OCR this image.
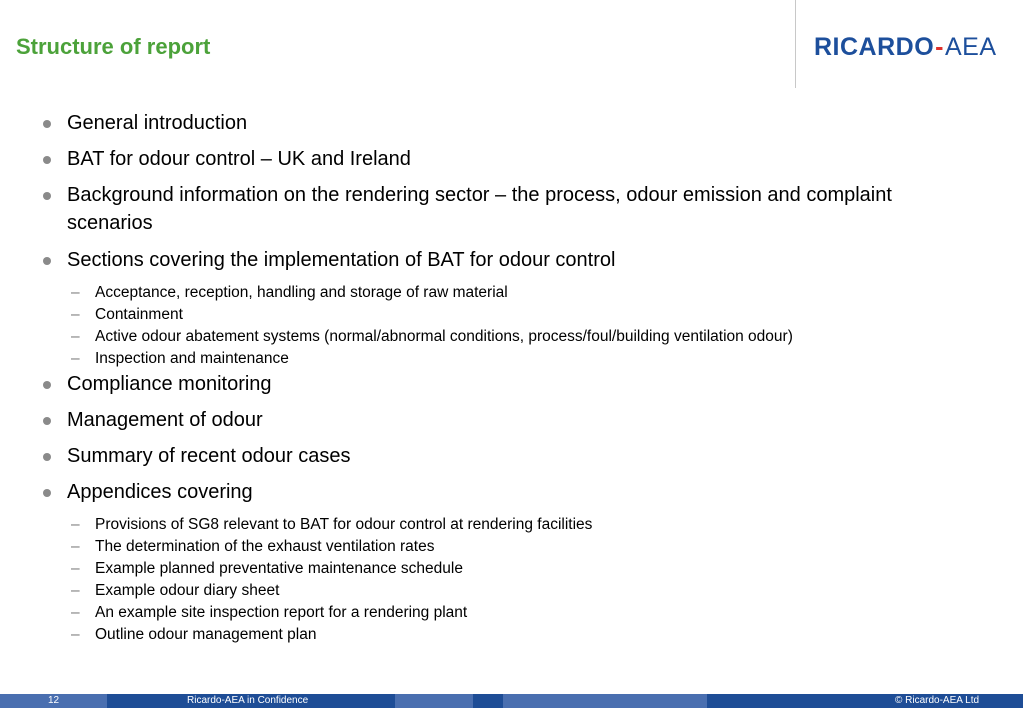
Structure of report	RICARDO-AEA
General introduction
BAT for odour control – UK and Ireland
Background information on the rendering sector – the process, odour emission and complaint scenarios
Sections covering the implementation of BAT for odour control
– Acceptance, reception, handling and storage of raw material
– Containment
– Active odour abatement systems (normal/abnormal conditions, process/foul/building ventilation odour)
– Inspection and maintenance
Compliance monitoring
Management of odour
Summary of recent odour cases
Appendices covering
– Provisions of SG8 relevant to BAT for odour control at rendering facilities
– The determination of the exhaust ventilation rates
– Example planned preventative maintenance schedule
– Example odour diary sheet
– An example site inspection report for a rendering plant
– Outline odour management plan
12	Ricardo-AEA in Confidence	© Ricardo-AEA Ltd
